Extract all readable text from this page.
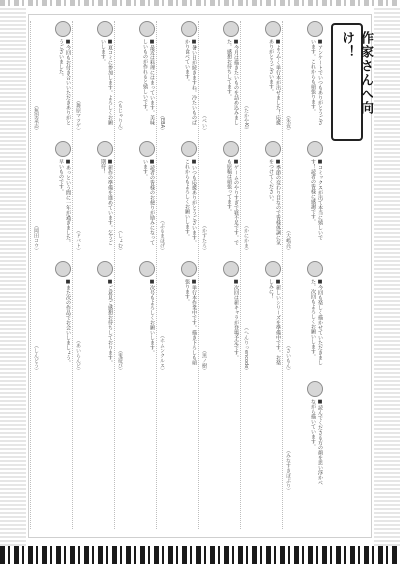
作家さんへ向け！
■アンケートでいつもありがとうございます。これからも頑張ります。
（朱夜）
■コミックスが出て本当に嬉しいです！読者の皆様に感謝です。
（大嶋亮）
■今回も楽しく描かせていただきました。次回もよろしくお願いします。
（さいもん）
■読んでくださる方の顔を思い浮かべながら描いています。
（みなすきぽぷり）
■ようやく単行本が出せました！応援ありがとうございます。
（たかやKi）
■季節の変わり目なので皆様体調に気をつけてください。
（かにかま）
■新しいシリーズを準備中です。お楽しみに！
（へんりっencode）
■今月は描きたいものを詰め込みました。感想お待ちしてます。
（ぺい）
■ゲームのやりすぎで寝不足です。でも原稿は頑張ってます。
（かずたろ）
■次回は新キャラが登場予定です。
（黒ノ樹）
■暑い日が続きますね。冷たいものばかり食べています。
（EBA）
■いつも応援ありがとうございます。これからもよろしくお願いします。
（ぶるまほげ）
■単行本作業中です。描き下ろしも頑張ります。
（ホムンクルス）
■最近は料理にはまっています。美味しいものが作れると嬉しいです。
（もじゃりん）
■読者の皆様のお便りが励みになっています。
（しょむ）
■次号もよろしくお願いします。
（鬼遊び）
■夏コミに参加します。よろしくお願いします。
（舞原マツゲ）
■新作の準備を進めています。乞うご期待！
（ドバト）
■ご意見ご感想お待ちしております。
（あいらんど）
■今回もお付き合いいただきありがとうございました。
（無望菜志）
■あっという間に一年が過ぎました。早いものです。
（岡田コウ）
■また次の作品でお会いしましょう。
（しんどう）
